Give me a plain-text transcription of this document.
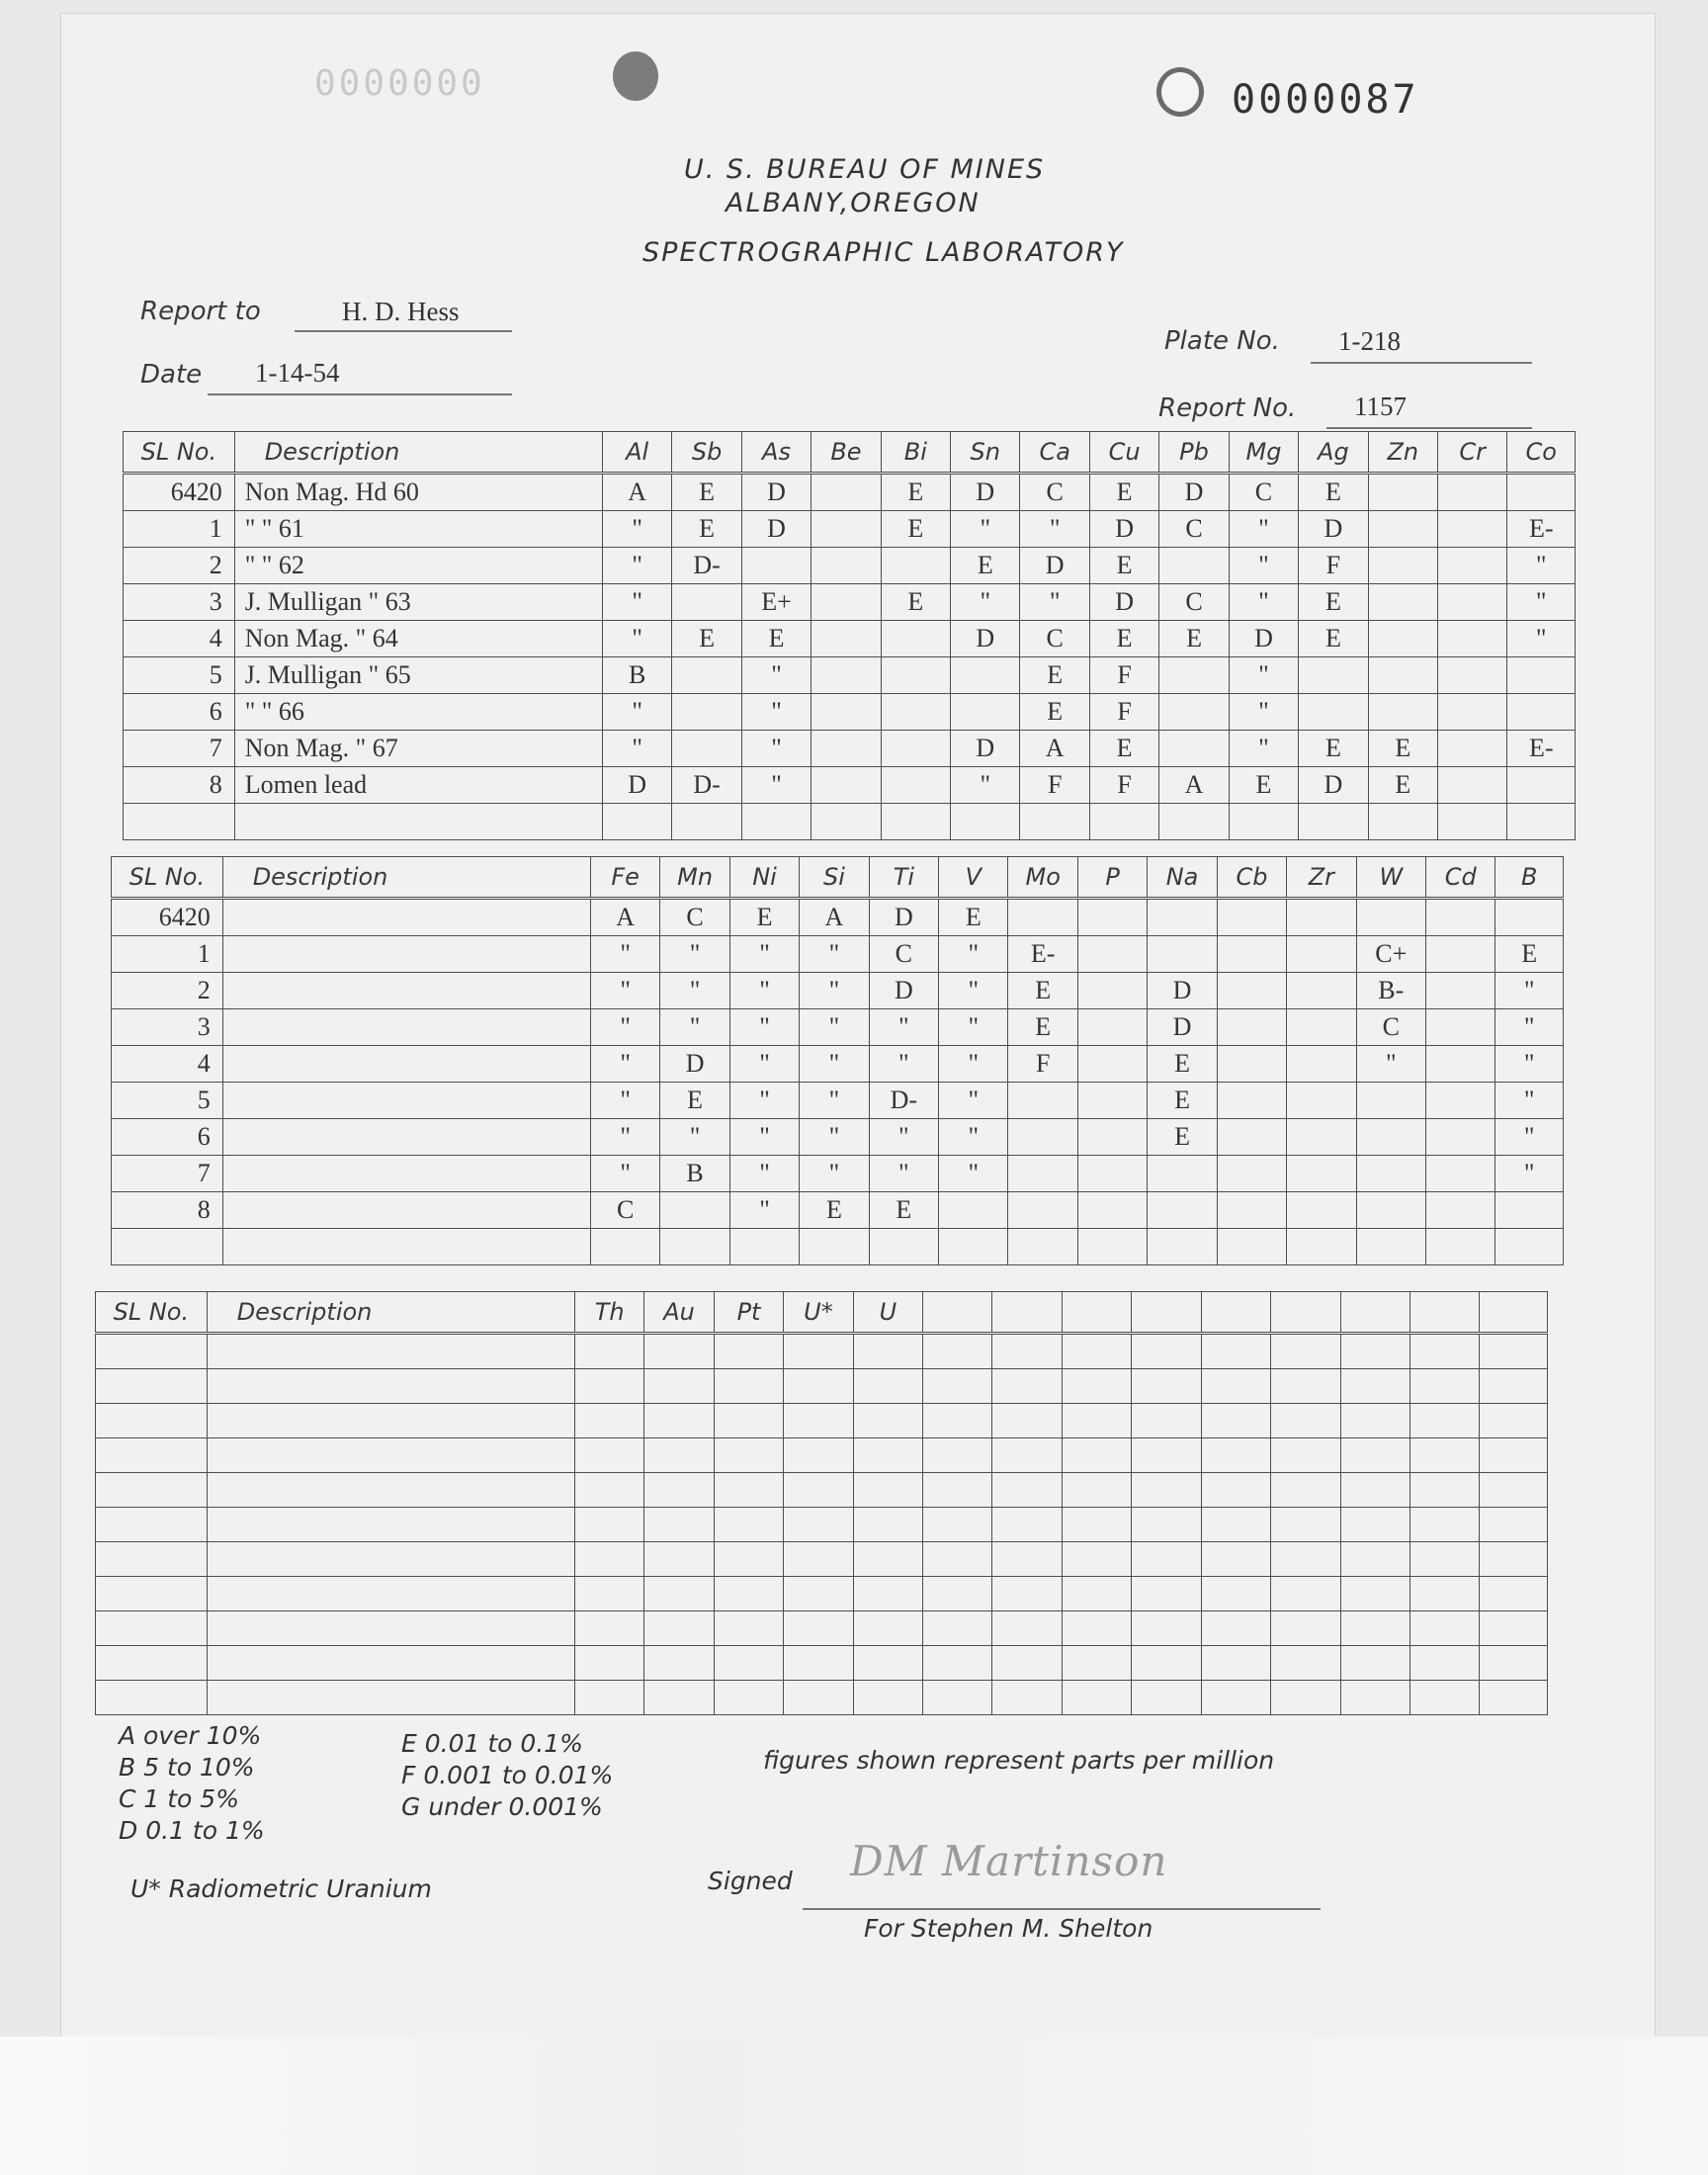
0000000	0000087
U. S. BUREAU OF MINES
ALBANY,OREGON
SPECTROGRAPHIC LABORATORY
Report to	H. D. Hess
Date 1-14-54
Plate No. 1-218
Report No. 1157
SL No.	Description	Al	Sb	As	Be	Bi	Sn	Ca	Cu	Pb	Mg	Ag	Zn	Cr	Co
6420	Non Mag. Hd 60	A	E	D		E	D	C	E	D	C	E			
1	" " 61	"	E	D		E	"	"	D	C	"	D			E-
2	" " 62	"	D-				E	D	E		"	F			"
3	J. Mulligan " 63	"		E+		E	"	"	D	C	"	E			"
4	Non Mag. " 64	"	E	E			D	C	E	E	D	E			"
5	J. Mulligan " 65	B		"				E	F		"				
6	" " 66	"		"				E	F		"				
7	Non Mag. " 67	"		"			D	A	E		"	E	E		E-
8	Lomen lead	D	D-	"			"	F	F	A	E	D	E		

SL No.	Description	Fe	Mn	Ni	Si	Ti	V	Mo	P	Na	Cb	Zr	W	Cd	B
6420		A	C	E	A	D	E								
1		"	"	"	"	C	"	E-					C+		E
2		"	"	"	"	D	"	E		D			B-		"
3		"	"	"	"	"	"	E		D			C		"
4		"	D	"	"	"	"	F		E			"		"
5		"	E	"	"	D-	"			E					"
6		"	"	"	"	"	"			E					"
7		"	B	"	"	"	"								"
8		C		"	E	E									

SL No.	Description	Th	Au	Pt	U*	U									

A over 10%
B 5 to 10%
C 1 to 5%
D 0.1 to 1%
E 0.01 to 0.1%
F 0.001 to 0.01%
G under 0.001%
figures shown represent parts per million
U* Radiometric Uranium	Signed DM Martinson
For Stephen M. Shelton
